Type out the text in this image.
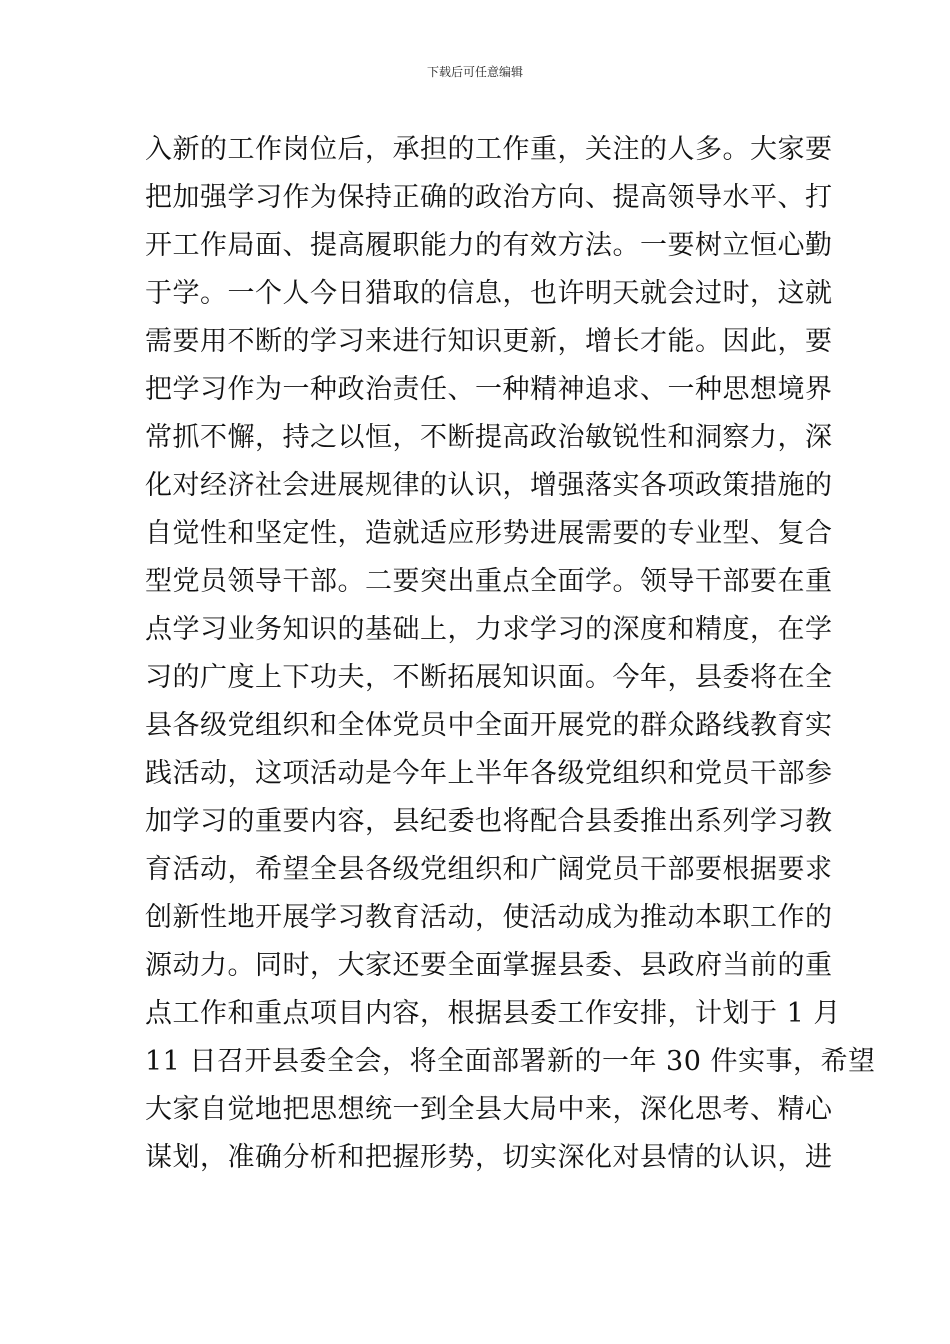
下载后可任意编辑
入新的工作岗位后，承担的工作重，关注的人多。大家要
把加强学习作为保持正确的政治方向、提高领导水平、打
开工作局面、提高履职能力的有效方法。一要树立恒心勤
于学。一个人今日猎取的信息，也许明天就会过时，这就
需要用不断的学习来进行知识更新，增长才能。因此，要
把学习作为一种政治责任、一种精神追求、一种思想境界
常抓不懈，持之以恒，不断提高政治敏锐性和洞察力，深
化对经济社会进展规律的认识，增强落实各项政策措施的
自觉性和坚定性，造就适应形势进展需要的专业型、复合
型党员领导干部。二要突出重点全面学。领导干部要在重
点学习业务知识的基础上，力求学习的深度和精度，在学
习的广度上下功夫，不断拓展知识面。今年，县委将在全
县各级党组织和全体党员中全面开展党的群众路线教育实
践活动，这项活动是今年上半年各级党组织和党员干部参
加学习的重要内容，县纪委也将配合县委推出系列学习教
育活动，希望全县各级党组织和广阔党员干部要根据要求
创新性地开展学习教育活动，使活动成为推动本职工作的
源动力。同时，大家还要全面掌握县委、县政府当前的重
点工作和重点项目内容，根据县委工作安排，计划于 1 月
11 日召开县委全会，将全面部署新的一年 30 件实事，希望
大家自觉地把思想统一到全县大局中来，深化思考、精心
谋划，准确分析和把握形势，切实深化对县情的认识，进
